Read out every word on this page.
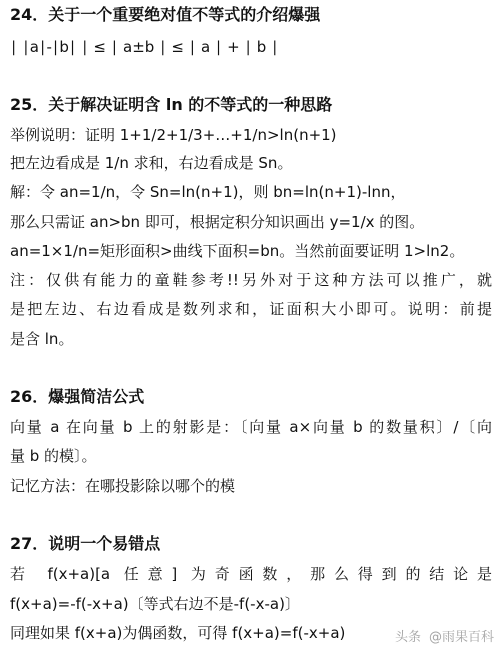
24．关于一个重要绝对值不等式的介绍爆强
∣ ∣a∣-∣b∣ ∣ ≤ ∣ a±b ∣ ≤ ∣ a ∣ + ∣ b ∣
25．关于解决证明含 ln 的不等式的一种思路
举例说明：证明 1+1/2+1/3+…+1/n>ln(n+1)
把左边看成是 1/n 求和，右边看成是 Sn。
解：令 an=1/n，令 Sn=ln(n+1)，则 bn=ln(n+1)-lnn，
那么只需证 an>bn 即可，根据定积分知识画出 y=1/x 的图。
an=1×1/n=矩形面积>曲线下面积=bn。当然前面要证明 1>ln2。
注：仅供有能力的童鞋参考!!另外对于这种方法可以推广，就
是把左边、右边看成是数列求和，证面积大小即可。说明：前提
是含 ln。
26．爆强简洁公式
向量 a 在向量 b 上的射影是：〔向量 a×向量 b 的数量积〕/〔向
量 b 的模〕。
记忆方法：在哪投影除以哪个的模
27．说明一个易错点
若 f(x+a)[a 任意] 为奇函数，那么得到的结论是
f(x+a)=-f(-x+a)〔等式右边不是-f(-x-a)〕
同理如果 f(x+a)为偶函数，可得 f(x+a)=f(-x+a)	头条 @雨果百科
